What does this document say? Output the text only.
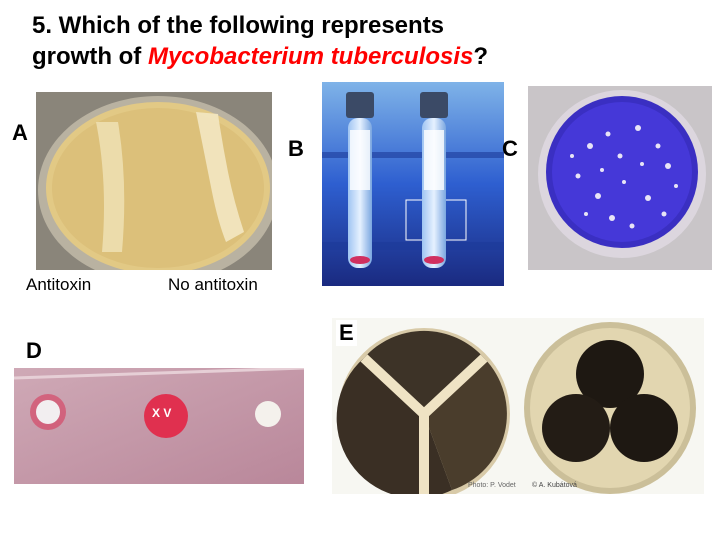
5. Which of the following represents
growth of Mycobacterium tuberculosis?
A
Antitoxin	No antitoxin
B	C
X V
D
Photo: P. Vodet © A. Kubátová
E
